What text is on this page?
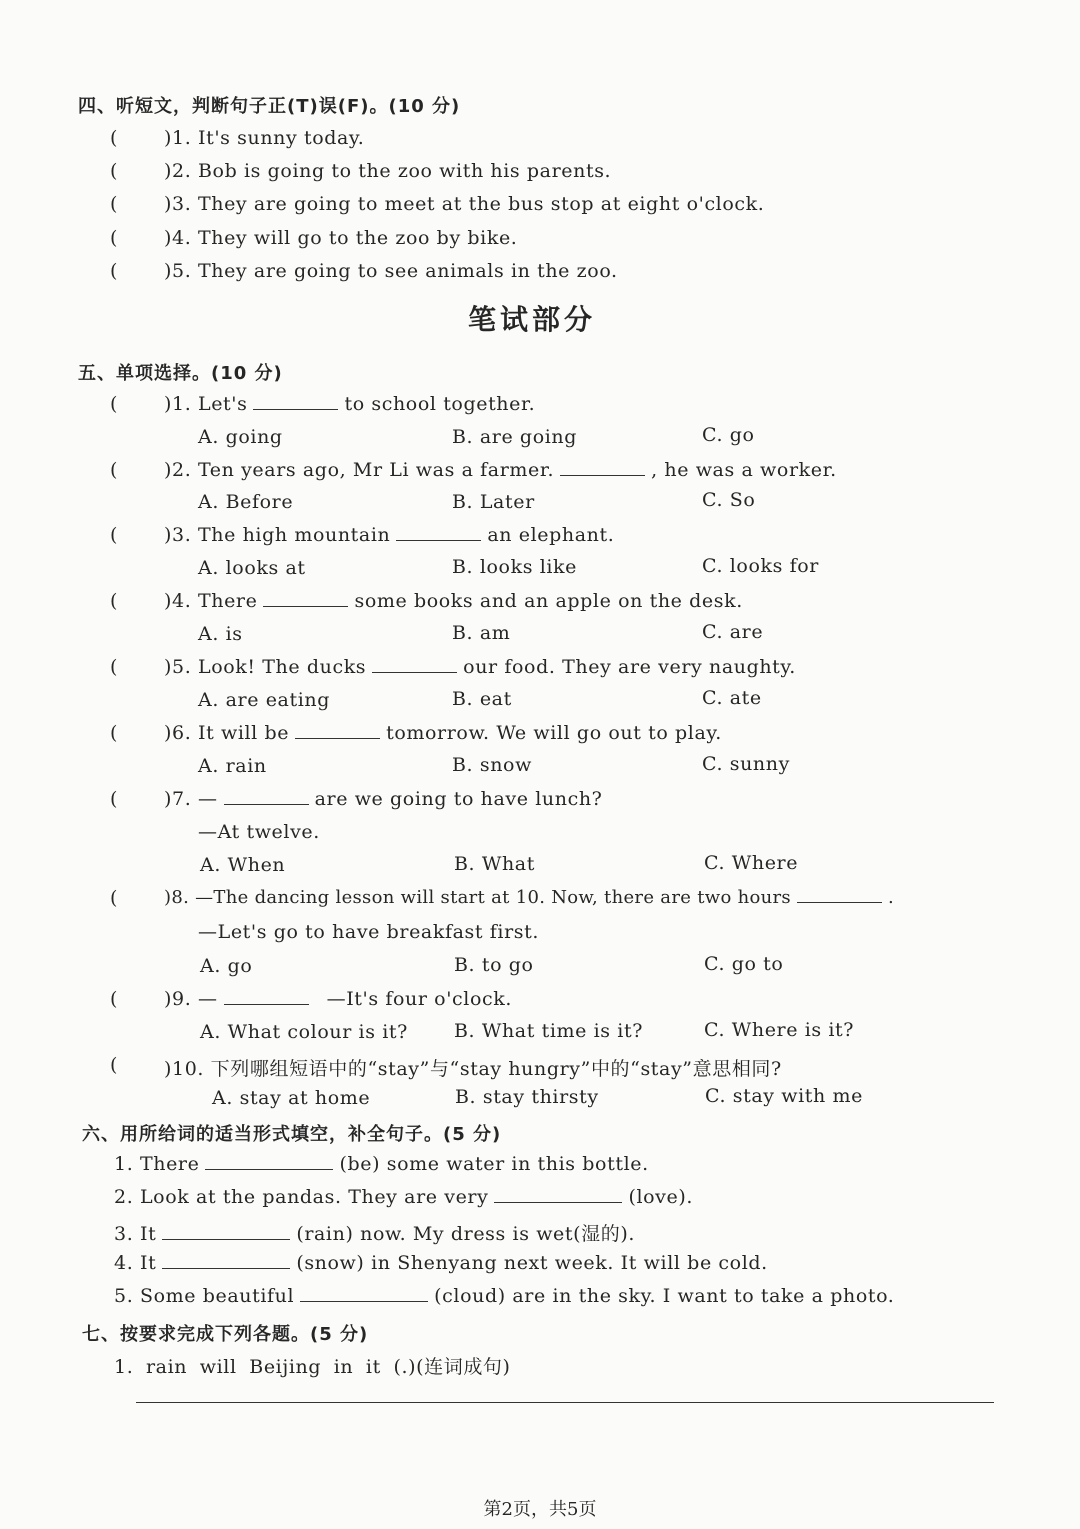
四、听短文，判断句子正(T)误(F)。(10 分)
( )1. It's sunny today.
( )2. Bob is going to the zoo with his parents.
( )3. They are going to meet at the bus stop at eight o'clock.
( )4. They will go to the zoo by bike.
( )5. They are going to see animals in the zoo.
笔试部分
五、单项选择。(10 分)
( )1. Let's	to school together.
A. going	B. are going	C. go
( )2. Ten years ago, Mr Li was a farmer.	, he was a worker.
A. Before	B. Later	C. So
( )3. The high mountain	an elephant.
A. looks at	B. looks like	C. looks for
( )4. There	some books and an apple on the desk.
A. is	B. am	C. are
( )5. Look! The ducks	our food. They are very naughty.
A. are eating	B. eat	C. ate
( )6. It will be	tomorrow. We will go out to play.
A. rain	B. snow	C. sunny
( )7. —	are we going to have lunch?
—At twelve.
A. When	B. What	C. Where
(	)8. —The dancing lesson will start at 10. Now, there are two hours	.
—Let's go to have breakfast first.
A. go	B. to go	C. go to
( )9. —	—It's four o'clock.
A. What colour is it? B. What time is it?	C. Where is it?
( )10. 下列哪组短语中的“stay”与“stay hungry”中的“stay”意思相同?
A. stay at home	B. stay thirsty	C. stay with me
六、用所给词的适当形式填空，补全句子。(5 分)
1. There	(be) some water in this bottle.
2. Look at the pandas. They are very	(love).
3. It	(rain) now. My dress is wet(湿的).
4. It	(snow) in Shenyang next week. It will be cold.
5. Some beautiful	(cloud) are in the sky. I want to take a photo.
七、按要求完成下列各题。(5 分)
1. rain will Beijing in it (.)(连词成句)
第2页，共5页
